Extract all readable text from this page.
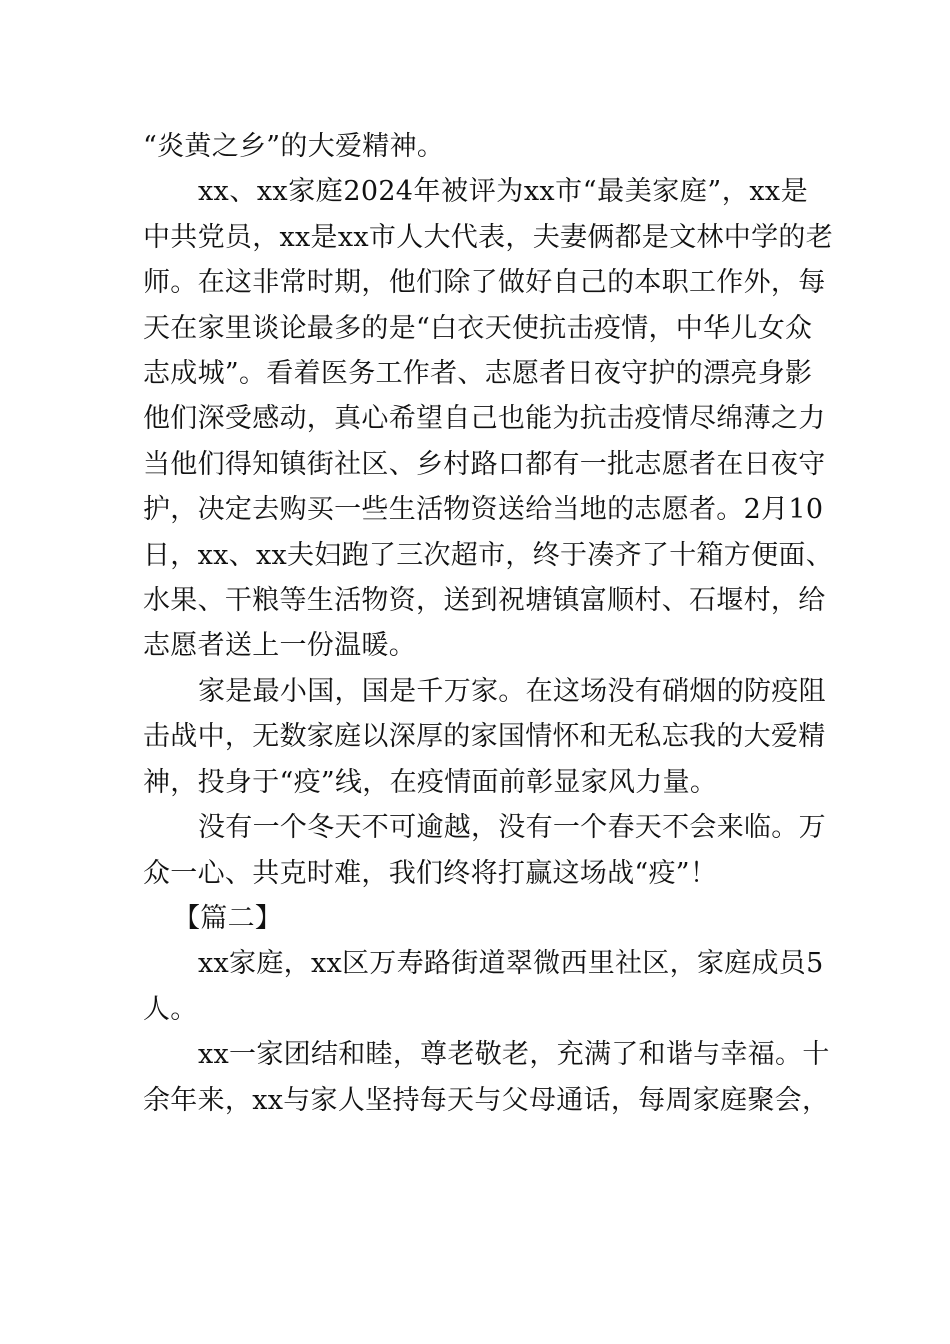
“炎黄之乡”的大爱精神。

xx、xx家庭2024年被评为xx市“最美家庭”，xx是
中共党员，xx是xx市人大代表，夫妻俩都是文林中学的老
师。在这非常时期，他们除了做好自己的本职工作外，每
天在家里谈论最多的是“白衣天使抗击疫情，中华儿女众
志成城”。看着医务工作者、志愿者日夜守护的漂亮身影
他们深受感动，真心希望自己也能为抗击疫情尽绵薄之力
当他们得知镇街社区、乡村路口都有一批志愿者在日夜守
护，决定去购买一些生活物资送给当地的志愿者。2月10
日，xx、xx夫妇跑了三次超市，终于凑齐了十箱方便面、
水果、干粮等生活物资，送到祝塘镇富顺村、石堰村，给
志愿者送上一份温暖。

家是最小国，国是千万家。在这场没有硝烟的防疫阻
击战中，无数家庭以深厚的家国情怀和无私忘我的大爱精
神，投身于“疫”线，在疫情面前彰显家风力量。

没有一个冬天不可逾越，没有一个春天不会来临。万
众一心、共克时难，我们终将打赢这场战“疫”！

【篇二】

xx家庭，xx区万寿路街道翠微西里社区，家庭成员5
人。

xx一家团结和睦，尊老敬老，充满了和谐与幸福。十
余年来，xx与家人坚持每天与父母通话，每周家庭聚会，
